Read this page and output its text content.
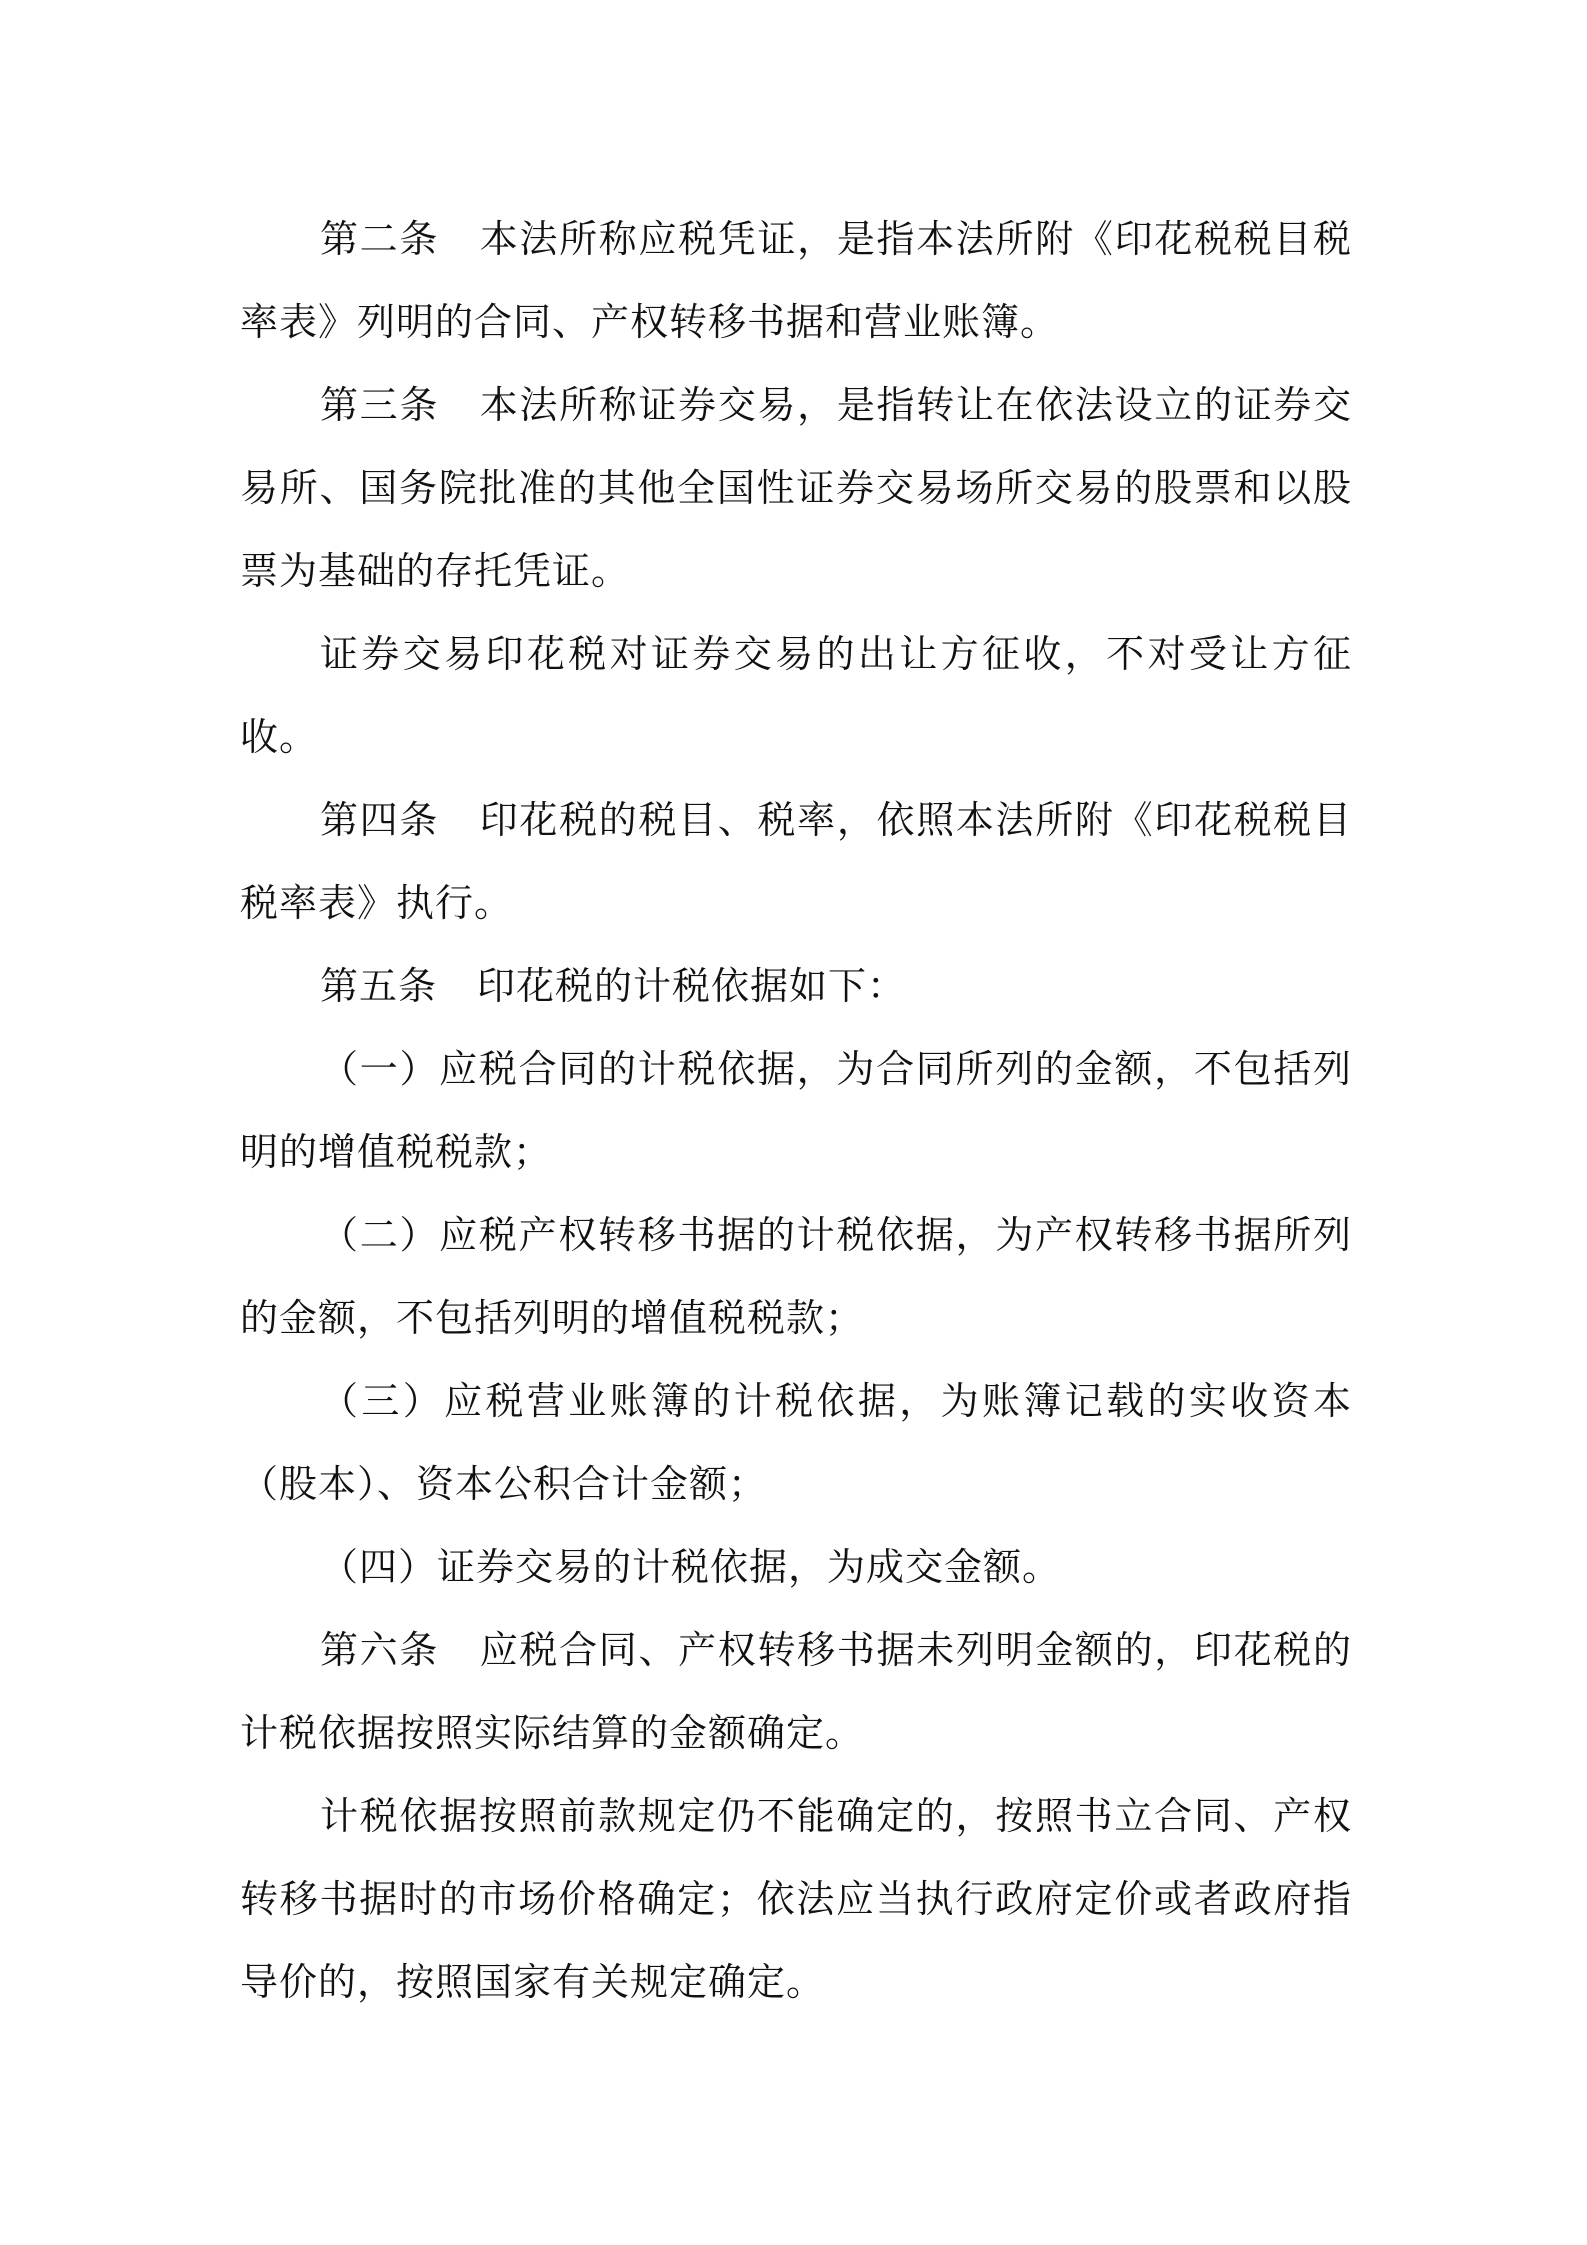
第二条 本法所称应税凭证，是指本法所附《印花税税目税率表》列明的合同、产权转移书据和营业账簿。

第三条 本法所称证券交易，是指转让在依法设立的证券交易所、国务院批准的其他全国性证券交易场所交易的股票和以股票为基础的存托凭证。

证券交易印花税对证券交易的出让方征收，不对受让方征收。

第四条 印花税的税目、税率，依照本法所附《印花税税目税率表》执行。

第五条 印花税的计税依据如下：

（一）应税合同的计税依据，为合同所列的金额，不包括列明的增值税税款；

（二）应税产权转移书据的计税依据，为产权转移书据所列的金额，不包括列明的增值税税款；

（三）应税营业账簿的计税依据，为账簿记载的实收资本（股本）、资本公积合计金额；

（四）证券交易的计税依据，为成交金额。

第六条 应税合同、产权转移书据未列明金额的，印花税的计税依据按照实际结算的金额确定。

计税依据按照前款规定仍不能确定的，按照书立合同、产权转移书据时的市场价格确定；依法应当执行政府定价或者政府指导价的，按照国家有关规定确定。
